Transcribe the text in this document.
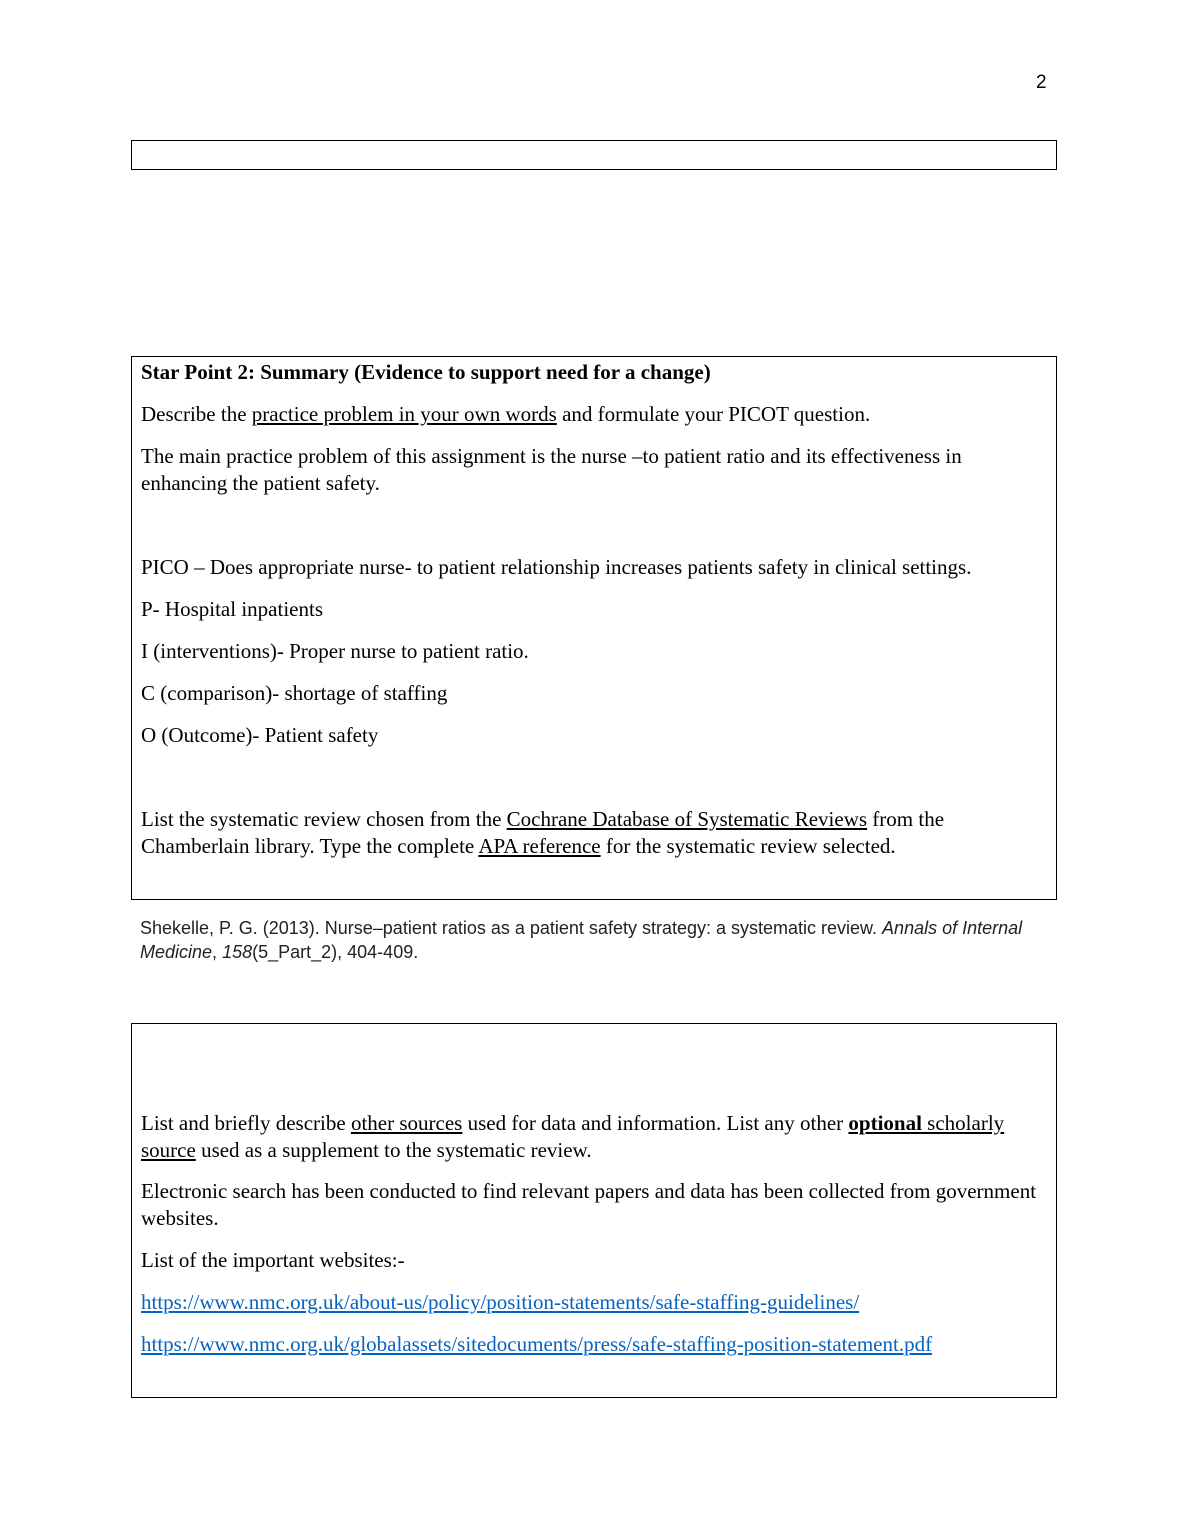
2

Star Point 2: Summary (Evidence to support need for a change)

Describe the practice problem in your own words and formulate your PICOT question.

The main practice problem of this assignment is the nurse –to patient ratio and its effectiveness in enhancing the patient safety.

PICO – Does appropriate nurse- to patient relationship increases patients safety in clinical settings.

P- Hospital inpatients

I (interventions)- Proper nurse to patient ratio.

C (comparison)- shortage of staffing

O (Outcome)- Patient safety

List the systematic review chosen from the Cochrane Database of Systematic Reviews from the Chamberlain library. Type the complete APA reference for the systematic review selected.

Shekelle, P. G. (2013). Nurse–patient ratios as a patient safety strategy: a systematic review. Annals of Internal Medicine, 158(5_Part_2), 404-409.

List and briefly describe other sources used for data and information. List any other optional scholarly source used as a supplement to the systematic review.

Electronic search has been conducted to find relevant papers and data has been collected from government websites.

List of the important websites:-

https://www.nmc.org.uk/about-us/policy/position-statements/safe-staffing-guidelines/

https://www.nmc.org.uk/globalassets/sitedocuments/press/safe-staffing-position-statement.pdf
